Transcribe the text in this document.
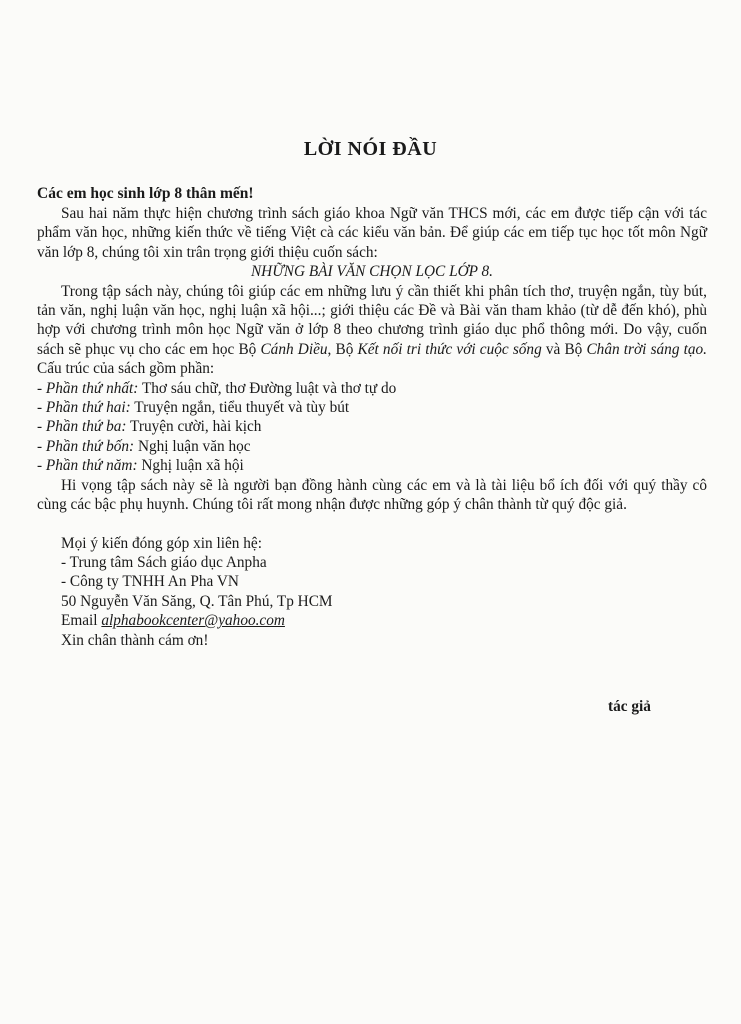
LỜI NÓI ĐẦU
Các em học sinh lớp 8 thân mến!

Sau hai năm thực hiện chương trình sách giáo khoa Ngữ văn THCS mới, các em được tiếp cận với tác phẩm văn học, những kiến thức về tiếng Việt cà các kiểu văn bản. Để giúp các em tiếp tục học tốt môn Ngữ văn lớp 8, chúng tôi xin trân trọng giới thiệu cuốn sách:

NHỮNG BÀI VĂN CHỌN LỌC LỚP 8.

Trong tập sách này, chúng tôi giúp các em những lưu ý cần thiết khi phân tích thơ, truyện ngắn, tùy bút, tản văn, nghị luận văn học, nghị luận xã hội...; giới thiệu các Đề và Bài văn tham khảo (từ dễ đến khó), phù hợp với chương trình môn học Ngữ văn ở lớp 8 theo chương trình giáo dục phổ thông mới. Do vậy, cuốn sách sẽ phục vụ cho các em học Bộ Cánh Diều, Bộ Kết nối tri thức với cuộc sống và Bộ Chân trời sáng tạo. Cấu trúc của sách gồm phần:

- Phần thứ nhất: Thơ sáu chữ, thơ Đường luật và thơ tự do

- Phần thứ hai: Truyện ngắn, tiểu thuyết và tùy bút

- Phần thứ ba: Truyện cười, hài kịch

- Phần thứ bốn: Nghị luận văn học

- Phần thứ năm: Nghị luận xã hội

Hi vọng tập sách này sẽ là người bạn đồng hành cùng các em và là tài liệu bổ ích đối với quý thầy cô cùng các bậc phụ huynh. Chúng tôi rất mong nhận được những góp ý chân thành từ quý độc giả.

Mọi ý kiến đóng góp xin liên hệ:

- Trung tâm Sách giáo dục Anpha

- Công ty TNHH An Pha VN

50 Nguyễn Văn Săng, Q. Tân Phú, Tp HCM

Email alphabookcenter@yahoo.com

Xin chân thành cám ơn!

tác giả
